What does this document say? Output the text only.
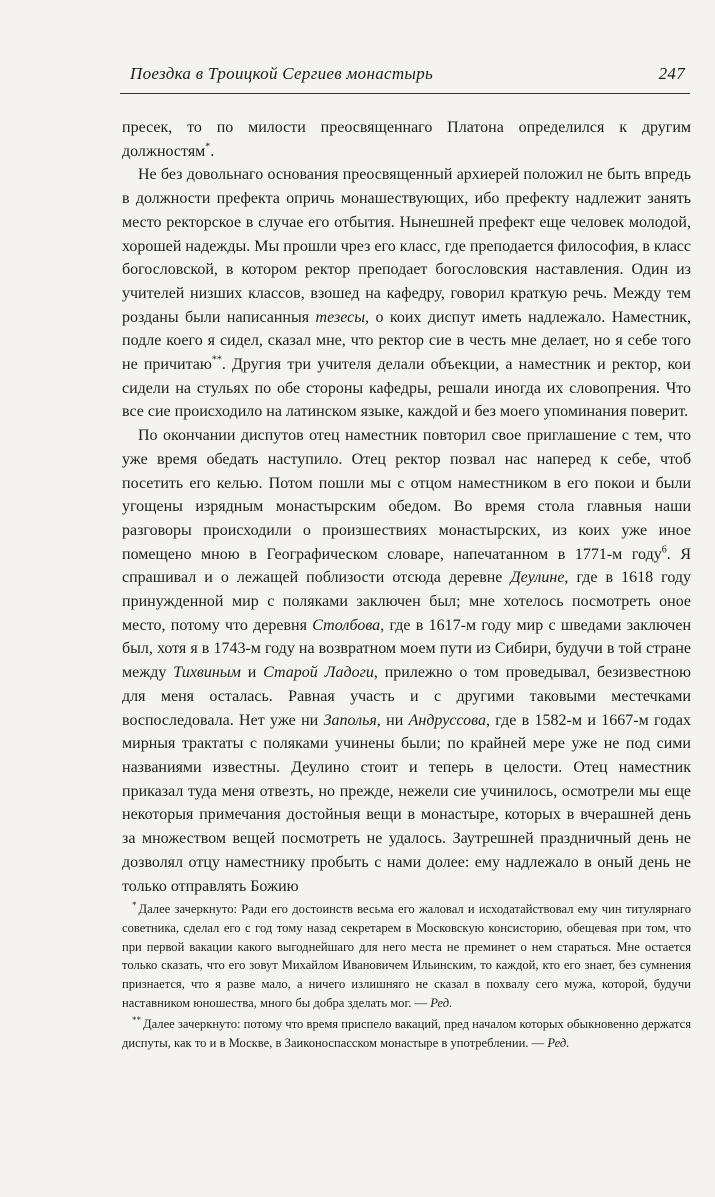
Поездка в Троицкой Сергиев монастырь	247

пресек, то по милости преосвященнаго Платона определился к другим должностям*.

Не без довольнаго основания преосвященный архиерей положил не быть впредь в должности префекта опричь монашествующих, ибо префекту надлежит занять место ректорское в случае его отбытия. Нынешней префект еще человек молодой, хорошей надежды. Мы прошли чрез его класс, где преподается философия, в класс богословской, в котором ректор преподает богословския наставления. Один из учителей низших классов, взошед на кафедру, говорил краткую речь. Между тем розданы были написанныя тезесы, о коих диспут иметь надлежало. Наместник, подле коего я сидел, сказал мне, что ректор сие в честь мне делает, но я себе того не причитаю**. Другия три учителя делали объекции, а наместник и ректор, кои сидели на стульях по обе стороны кафедры, решали иногда их словопрения. Что все сие происходило на латинском языке, каждой и без моего упоминания поверит.

По окончании диспутов отец наместник повторил свое приглашение с тем, что уже время обедать наступило. Отец ректор позвал нас наперед к себе, чтоб посетить его келью. Потом пошли мы с отцом наместником в его покои и были угощены изрядным монастырским обедом. Во время стола главныя наши разговоры происходили о произшествиях монастырских, из коих уже иное помещено мною в Географическом словаре, напечатанном в 1771-м году$^6$. Я спрашивал и о лежащей поблизости отсюда деревне Деулине, где в 1618 году принужденной мир с поляками заключен был; мне хотелось посмотреть оное место, потому что деревня Столбова, где в 1617-м году мир с шведами заключен был, хотя я в 1743-м году на возвратном моем пути из Сибири, будучи в той стране между Тихвиным и Старой Ладоги, прилежно о том проведывал, безизвестною для меня осталась. Равная участь и с другими таковыми местечками воспоследовала. Нет уже ни Заполья, ни Андруссова, где в 1582-м и 1667-м годах мирныя трактаты с поляками учинены были; по крайней мере уже не под сими названиями известны. Деулино стоит и теперь в целости. Отец наместник приказал туда меня отвезть, но прежде, нежели сие учинилось, осмотрели мы еще некоторыя примечания достойныя вещи в монастыре, которых в вчерашней день за множеством вещей посмотреть не удалось. Заутрешней праздничный день не дозволял отцу наместнику пробыть с нами долее: ему надлежало в оный день не только отправлять Божию

* Далее зачеркнуто: Ради его достоинств весьма его жаловал и исходатайствовал ему чин титулярнаго советника, сделал его с год тому назад секретарем в Московскую консисторию, обещевая при том, что при первой вакации какого выгоднейшаго для него места не преминет о нем стараться. Мне остается только сказать, что его зовут Михайлом Ивановичем Ильинским, то каждой, кто его знает, без сумнения признается, что я разве мало, а ничего излишняго не сказал в похвалу сего мужа, которой, будучи наставником юношества, много бы добра зделать мог. — Ред.

** Далее зачеркнуто: потому что время приспело вакаций, пред началом которых обыкновенно держатся диспуты, как то и в Москве, в Заиконоспасском монастыре в употреблении. — Ред.
